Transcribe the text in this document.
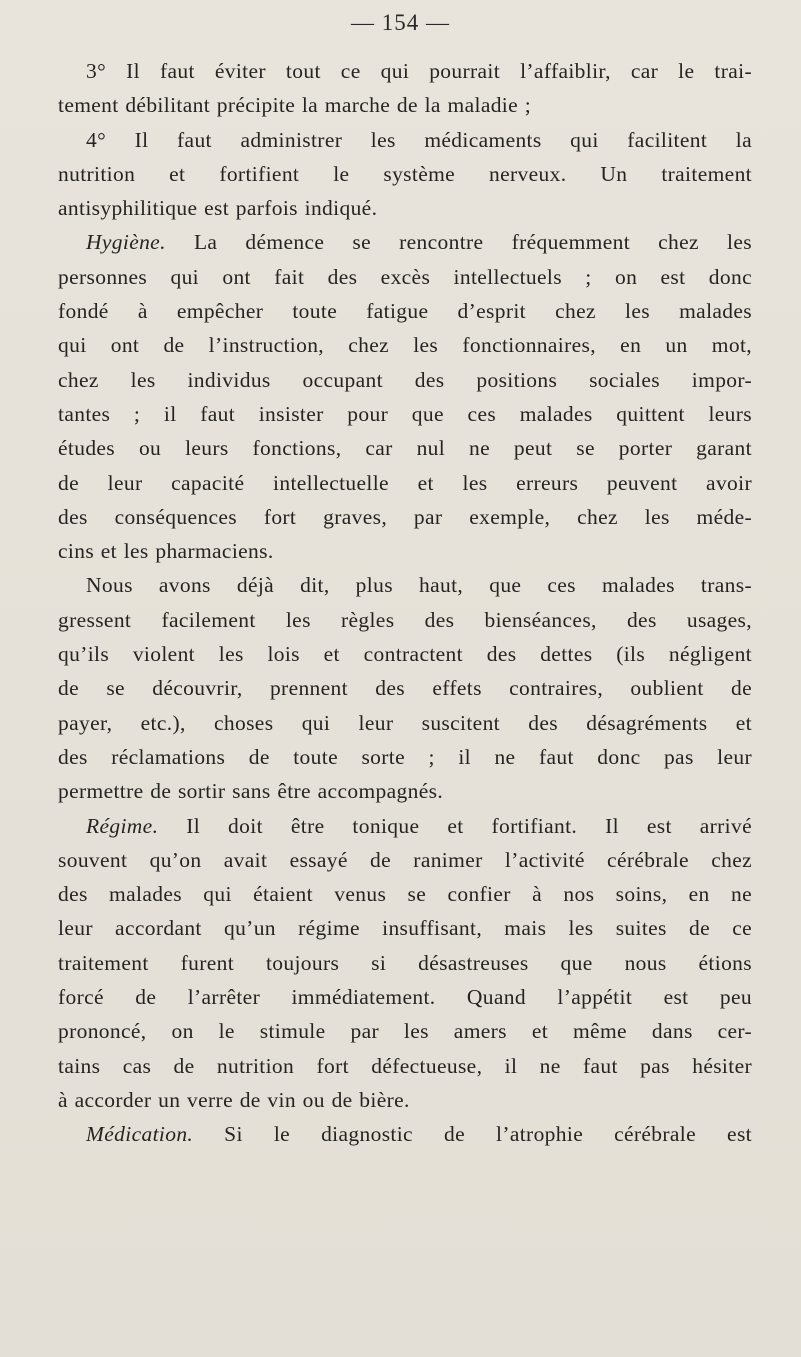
— 154 —
3° Il faut éviter tout ce qui pourrait l’affaiblir, car le trai-
tement débilitant précipite la marche de la maladie ;
4° Il faut administrer les médicaments qui facilitent la
nutrition et fortifient le système nerveux. Un traitement
antisyphilitique est parfois indiqué.
Hygiène. La démence se rencontre fréquemment chez les
personnes qui ont fait des excès intellectuels ; on est donc
fondé à empêcher toute fatigue d’esprit chez les malades
qui ont de l’instruction, chez les fonctionnaires, en un mot,
chez les individus occupant des positions sociales impor-
tantes ; il faut insister pour que ces malades quittent leurs
études ou leurs fonctions, car nul ne peut se porter garant
de leur capacité intellectuelle et les erreurs peuvent avoir
des conséquences fort graves, par exemple, chez les méde-
cins et les pharmaciens.
Nous avons déjà dit, plus haut, que ces malades trans-
gressent facilement les règles des bienséances, des usages,
qu’ils violent les lois et contractent des dettes (ils négligent
de se découvrir, prennent des effets contraires, oublient de
payer, etc.), choses qui leur suscitent des désagréments et
des réclamations de toute sorte ; il ne faut donc pas leur
permettre de sortir sans être accompagnés.
Régime. Il doit être tonique et fortifiant. Il est arrivé
souvent qu’on avait essayé de ranimer l’activité cérébrale chez
des malades qui étaient venus se confier à nos soins, en ne
leur accordant qu’un régime insuffisant, mais les suites de ce
traitement furent toujours si désastreuses que nous étions
forcé de l’arrêter immédiatement. Quand l’appétit est peu
prononcé, on le stimule par les amers et même dans cer-
tains cas de nutrition fort défectueuse, il ne faut pas hésiter
à accorder un verre de vin ou de bière.
Médication. Si le diagnostic de l’atrophie cérébrale est
